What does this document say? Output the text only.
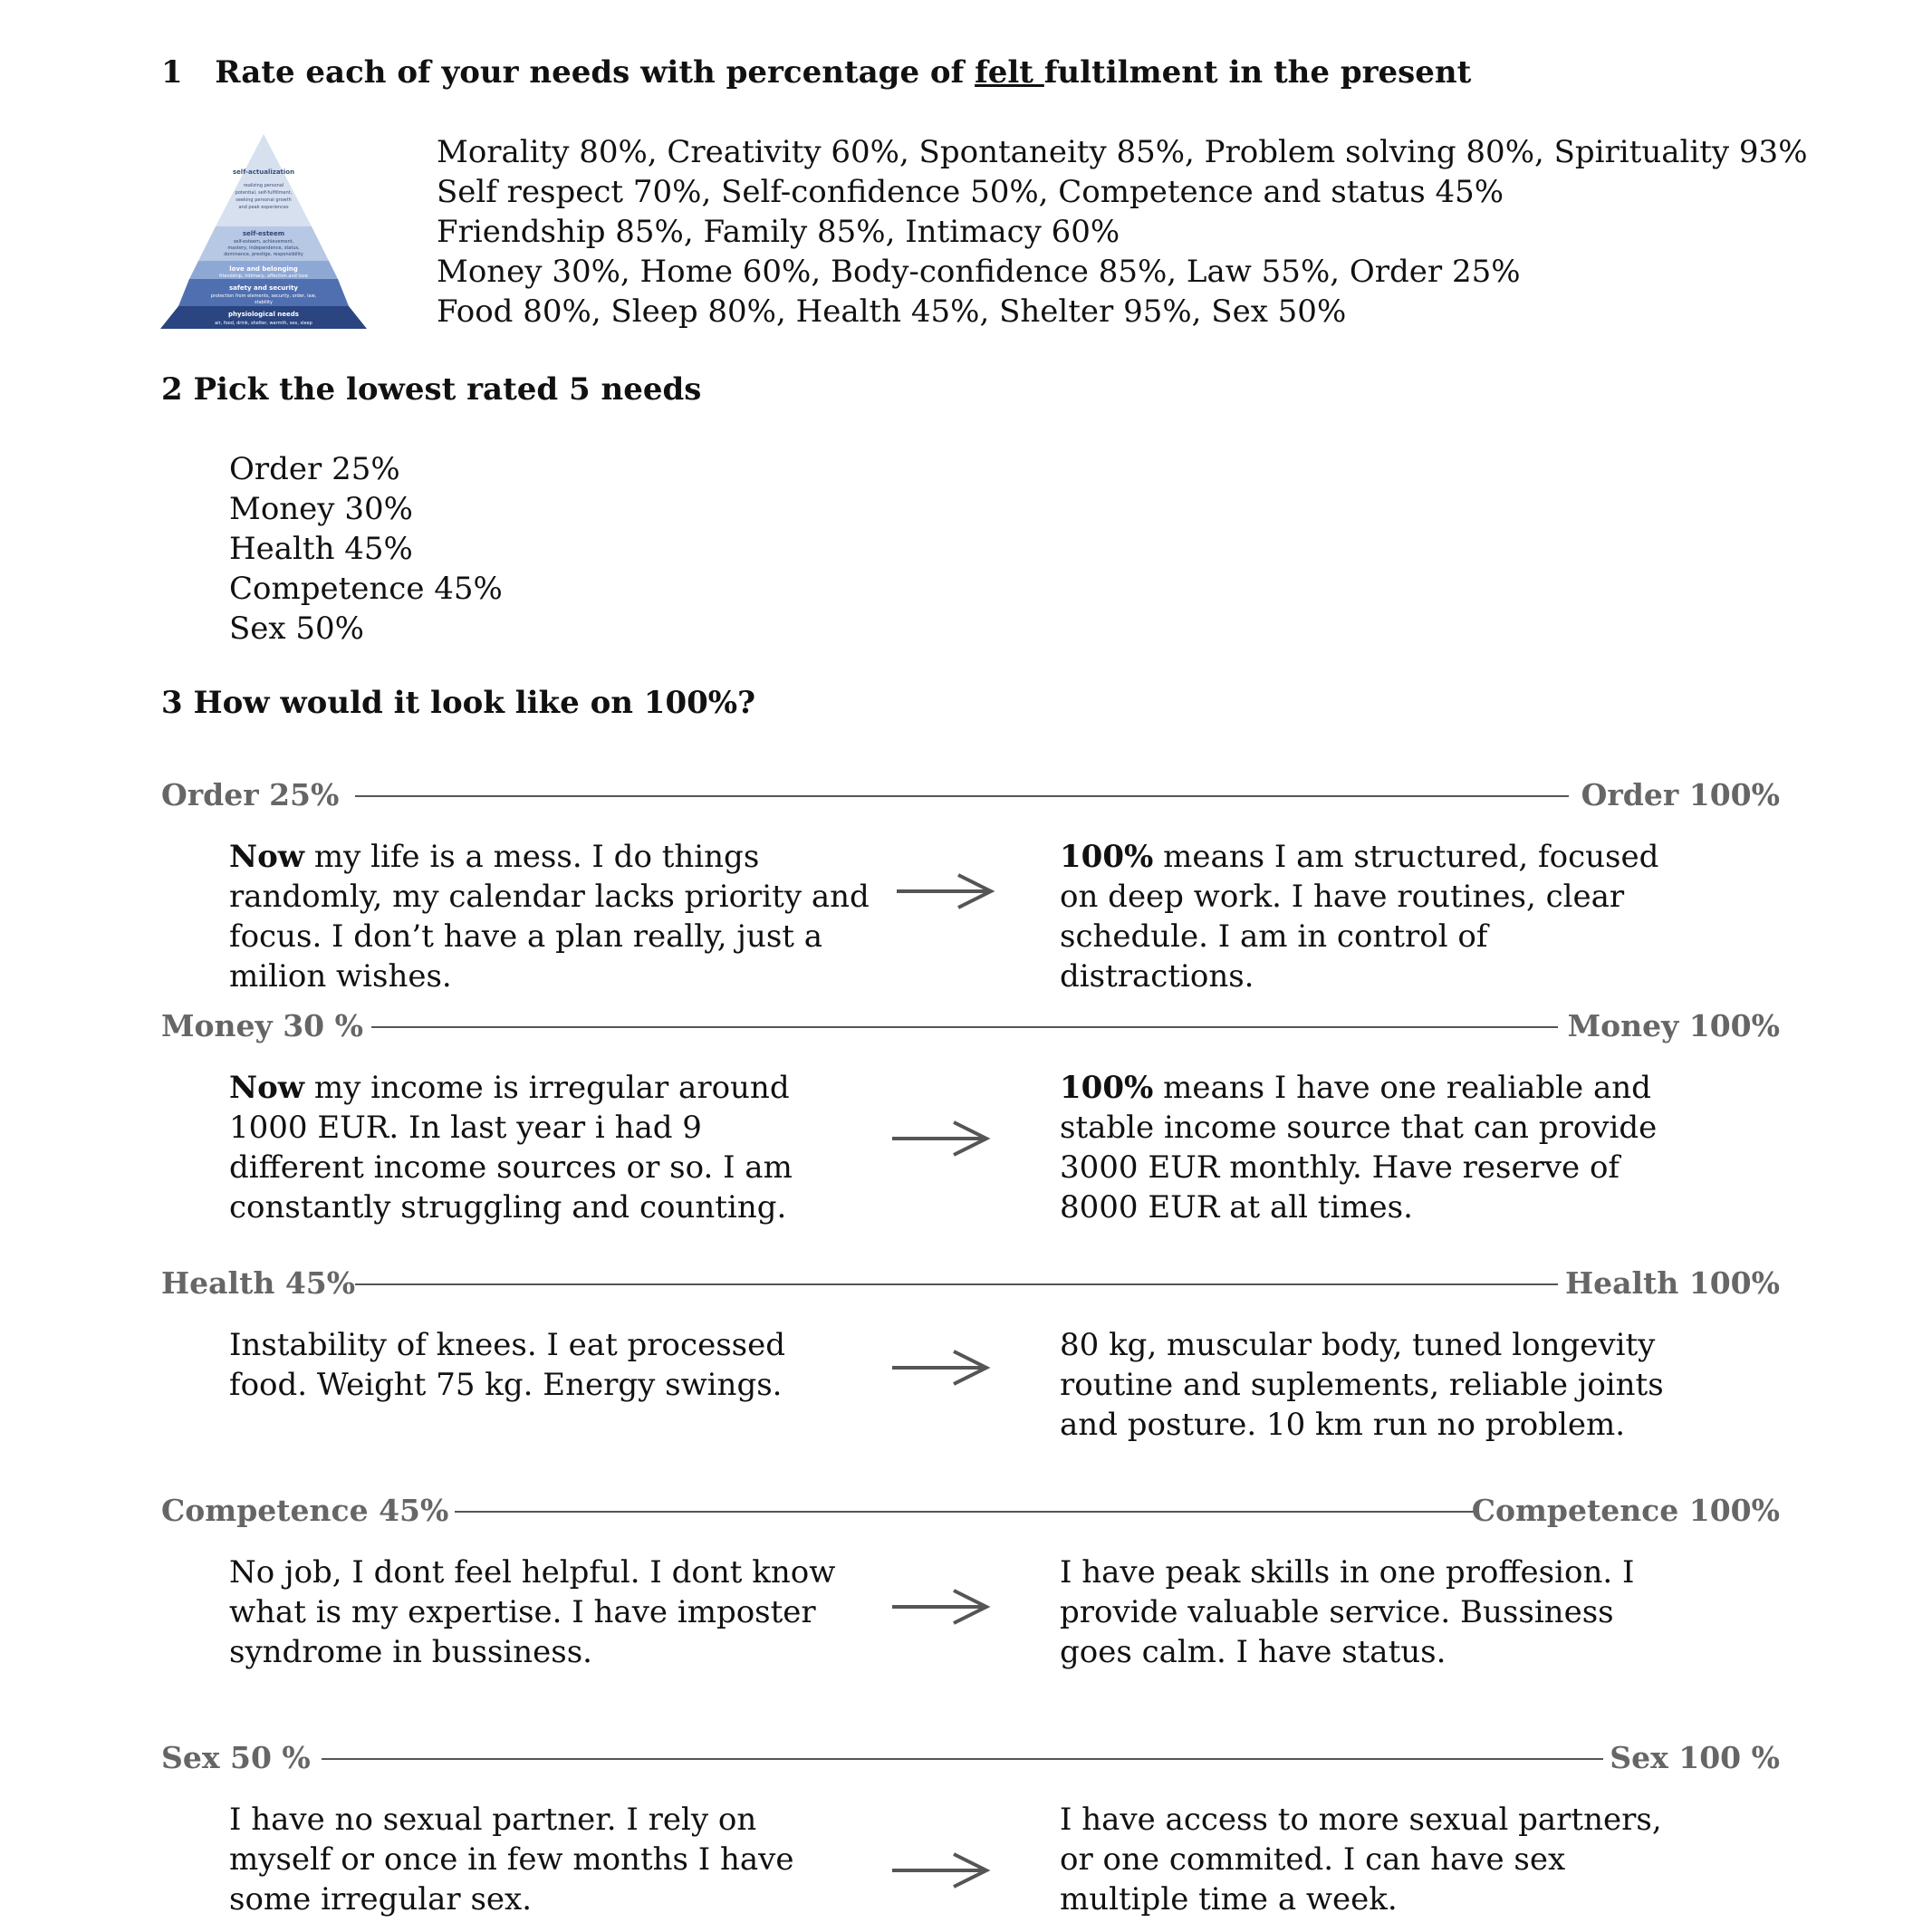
1 Rate each of your needs with percentage of felt fultilment in the present
self-actualization
realizing personal
potential, self-fulfillment,
seeking personal growth
and peak experiences
self-esteem
self-esteem, achievement,
mastery, independence, status,
dominance, prestige, responsibility
love and belonging
friendship, intimacy, affection and love
safety and security
protection from elements, security, order, law,
stability
physiological needs
air, food, drink, shelter, warmth, sex, sleep
Morality 80%, Creativity 60%, Spontaneity 85%, Problem solving 80%, Spirituality 93%
Self respect 70%, Self-confidence 50%, Competence and status 45%
Friendship 85%, Family 85%, Intimacy 60%
Money 30%, Home 60%, Body-confidence 85%, Law 55%, Order 25%
Food 80%, Sleep 80%, Health 45%, Shelter 95%, Sex 50%
2 Pick the lowest rated 5 needs
Order 25%
Money 30%
Health 45%
Competence 45%
Sex 50%
3 How would it look like on 100%?
Order 25%	Order 100%
Now my life is a mess. I do things randomly, my calendar lacks priority and focus. I don’t have a plan really, just a milion wishes.
100% means I am structured, focused on deep work. I have routines, clear schedule. I am in control of distractions.
Money 30 %	Money 100%
Now my income is irregular around 1000 EUR. In last year i had 9 different income sources or so. I am constantly struggling and counting.
100% means I have one realiable and stable income source that can provide 3000 EUR monthly. Have reserve of 8000 EUR at all times.
Health 45%	Health 100%
Instability of knees. I eat processed food. Weight 75 kg. Energy swings.
80 kg, muscular body, tuned longevity routine and suplements, reliable joints and posture. 10 km run no problem.
Competence 45%	Competence 100%
No job, I dont feel helpful. I dont know what is my expertise. I have imposter syndrome in bussiness.
I have peak skills in one proffesion. I provide valuable service. Bussiness goes calm. I have status.
Sex 50 %	Sex 100 %
I have no sexual partner. I rely on myself or once in few months I have some irregular sex.
I have access to more sexual partners, or one commited. I can have sex multiple time a week.
